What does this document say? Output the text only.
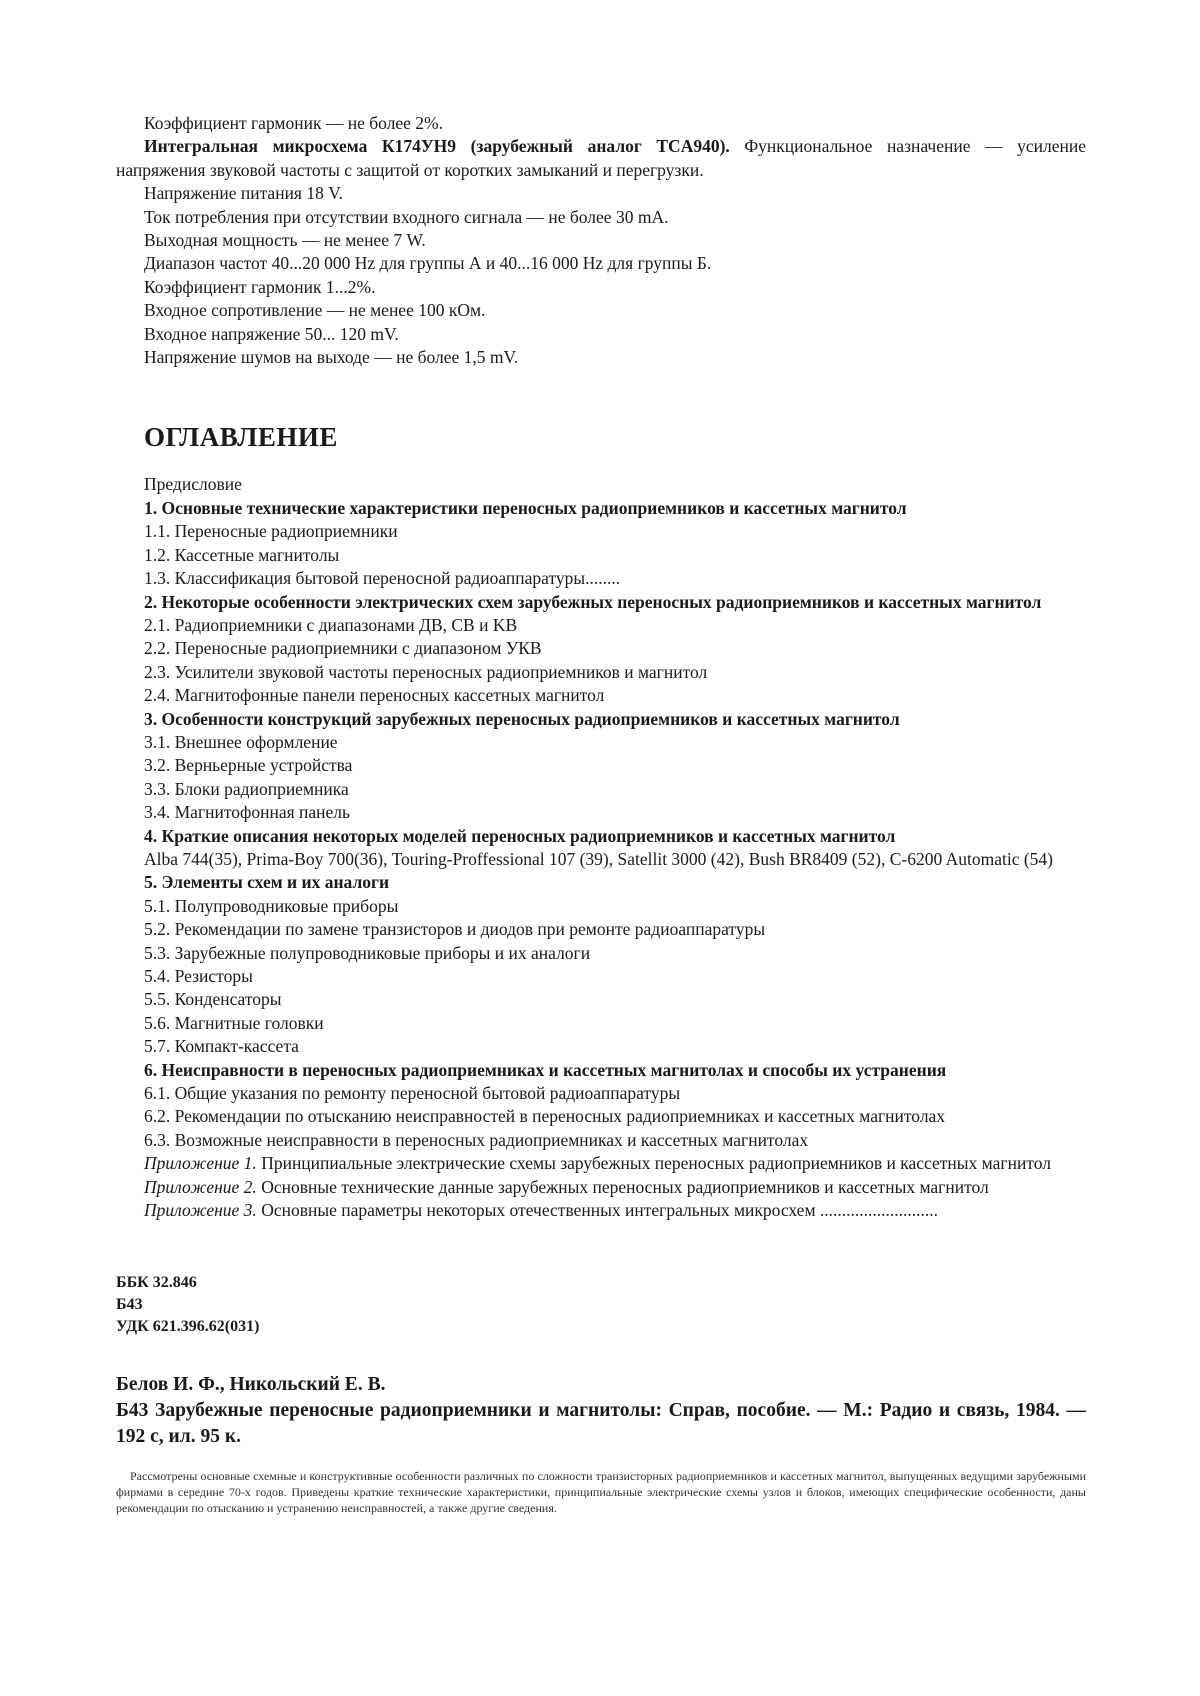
Коэффициент гармоник — не более 2%.

Интегральная микросхема К174УН9 (зарубежный аналог TCA940). Функциональное назначение — усиление напряжения звуковой частоты с защитой от коротких замыканий и перегрузки.

Напряжение питания 18 V.

Ток потребления при отсутствии входного сигнала — не более 30 mA.

Выходная мощность — не менее 7 W.

Диапазон частот 40...20 000 Hz для группы А и 40...16 000 Hz для группы Б.

Коэффициент гармоник 1...2%.

Входное сопротивление — не менее 100 кОм.

Входное напряжение 50... 120 mV.

Напряжение шумов на выходе — не более 1,5 mV.

ОГЛАВЛЕНИЕ

Предисловие

1. Основные технические характеристики переносных радиоприемников и кассетных магнитол

1.1. Переносные радиоприемники

1.2. Кассетные магнитолы

1.3. Классификация бытовой переносной радиоаппаратуры........

2. Некоторые особенности электрических схем зарубежных переносных радиоприемников и кассетных магнитол

2.1. Радиоприемники с диапазонами ДВ, СВ и KB

2.2. Переносные радиоприемники с диапазоном УКВ

2.3. Усилители звуковой частоты переносных радиоприемников и магнитол

2.4. Магнитофонные панели переносных кассетных магнитол

3. Особенности конструкций зарубежных переносных радиоприемников и кассетных магнитол

3.1. Внешнее оформление

3.2. Верньерные устройства

3.3. Блоки радиоприемника

3.4. Магнитофонная панель

4. Краткие описания некоторых моделей переносных радиоприемников и кассетных магнитол

Alba 744(35), Prima-Boy 700(36), Touring-Proffessional 107 (39), Satellit 3000 (42), Bush BR8409 (52), C-6200 Automatic (54)

5. Элементы схем и их аналоги

5.1. Полупроводниковые приборы

5.2. Рекомендации по замене транзисторов и диодов при ремонте радиоаппаратуры

5.3. Зарубежные полупроводниковые приборы и их аналоги

5.4. Резисторы

5.5. Конденсаторы

5.6. Магнитные головки

5.7. Компакт-кассета

6. Неисправности в переносных радиоприемниках и кассетных магнитолах и способы их устранения

6.1. Общие указания по ремонту переносной бытовой радиоаппаратуры

6.2. Рекомендации по отысканию неисправностей в переносных радиоприемниках и кассетных магнитолах

6.3. Возможные неисправности в переносных радиоприемниках и кассетных магнитолах

Приложение 1. Принципиальные электрические схемы зарубежных переносных радиоприемников и кассетных магнитол

Приложение 2. Основные технические данные зарубежных переносных радиоприемников и кассетных магнитол

Приложение 3. Основные параметры некоторых отечественных интегральных микросхем ...........................

ББК 32.846

Б43

УДК 621.396.62(031)

Белов И. Ф., Никольский Е. В.

Б43 Зарубежные переносные радиоприемники и магнитолы: Справ, пособие. — М.: Радио и связь, 1984. — 192 с, ил. 95 к.

Рассмотрены основные схемные и конструктивные особенности различных по сложности транзисторных радиоприемников и кассетных магнитол, выпущенных ведущими зарубежными фирмами в середине 70-х годов. Приведены краткие технические характеристики, принципиальные электрические схемы узлов и блоков, имеющих специфические особенности, даны рекомендации по отысканию и устранению неисправностей, а также другие сведения.
